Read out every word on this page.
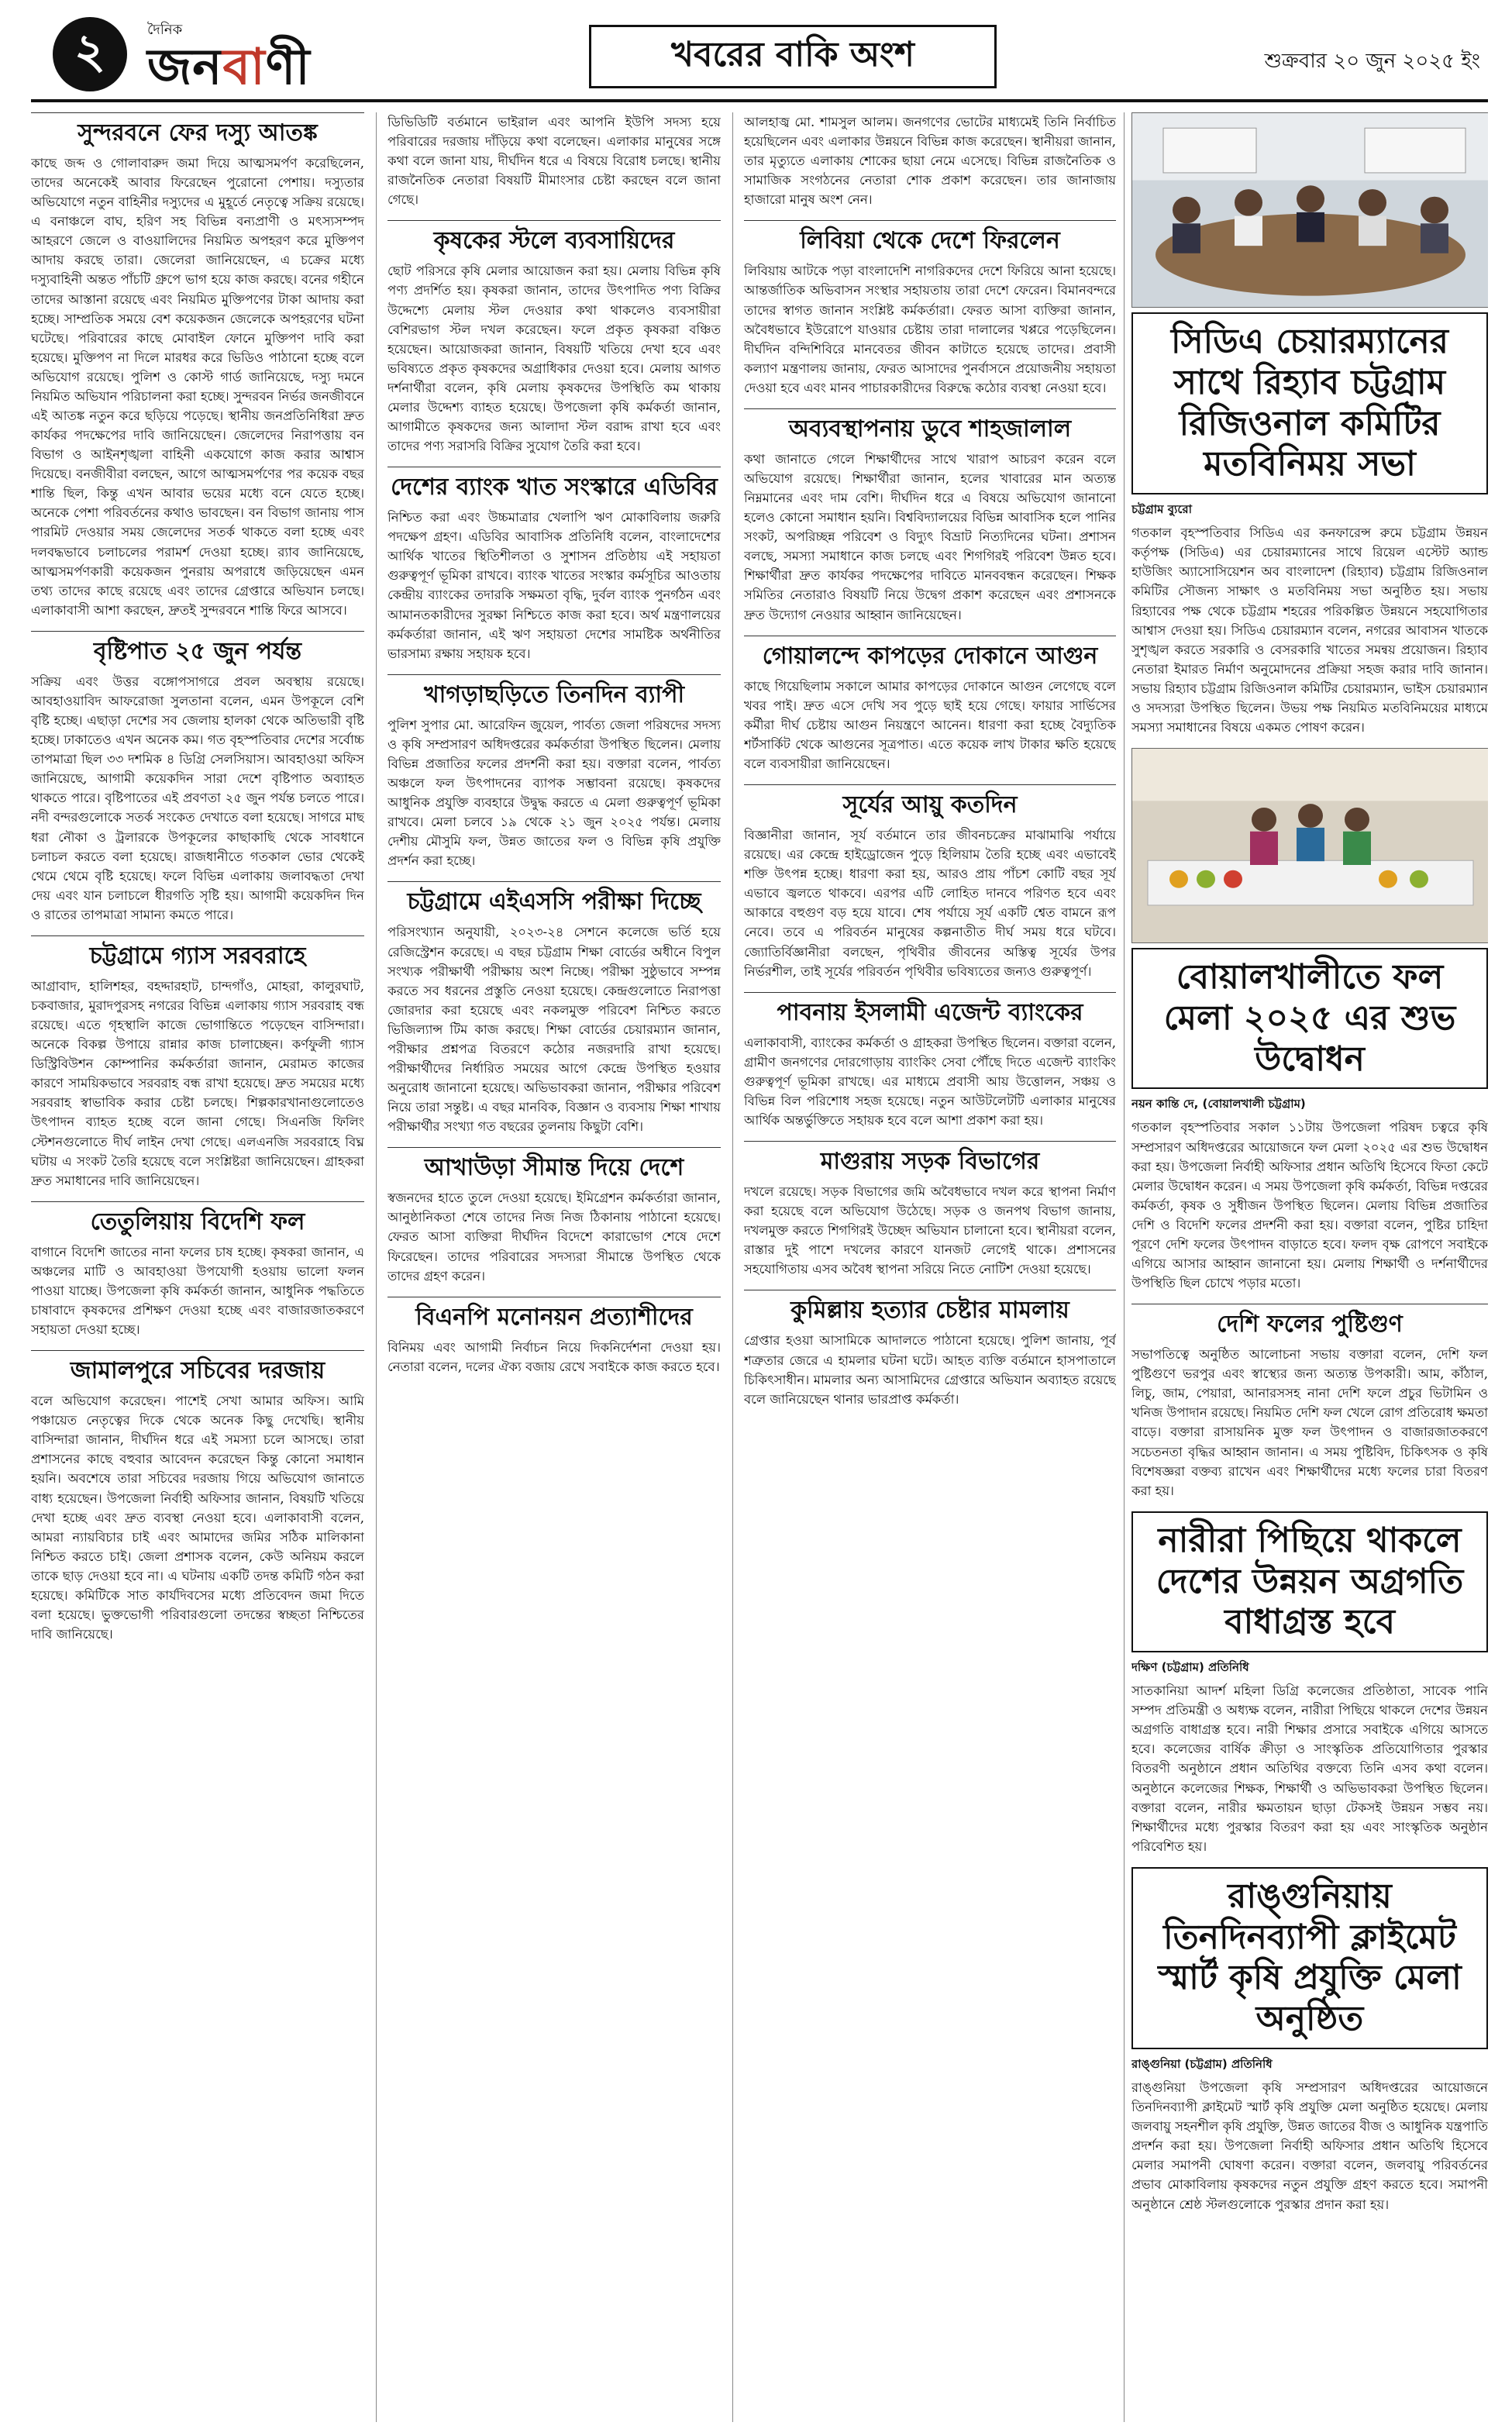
২	দৈনিক
জনবাণী	খবরের বাকি অংশ	শুক্রবার ২০ জুন ২০২৫ ইং
সুন্দরবনে ফের দস্যু আতঙ্ক

কাছে জব্দ ও গোলাবারুদ জমা দিয়ে আত্মসমর্পণ করেছিলেন, তাদের অনেকেই আবার ফিরেছেন পুরোনো পেশায়। দস্যুতার অভিযোগে নতুন বাহিনীর দস্যুদের এ মুহূর্তে নেতৃত্বে সক্রিয় রয়েছে। এ বনাঞ্চলে বাঘ, হরিণ সহ বিভিন্ন বন্যপ্রাণী ও মৎস্যসম্পদ আহরণে জেলে ও বাওয়ালিদের নিয়মিত অপহরণ করে মুক্তিপণ আদায় করছে তারা। জেলেরা জানিয়েছেন, এ চক্রের মধ্যে দস্যুবাহিনী অন্তত পাঁচটি গ্রুপে ভাগ হয়ে কাজ করছে। বনের গহীনে তাদের আস্তানা রয়েছে এবং নিয়মিত মুক্তিপণের টাকা আদায় করা হচ্ছে। সাম্প্রতিক সময়ে বেশ কয়েকজন জেলেকে অপহরণের ঘটনা ঘটেছে। পরিবারের কাছে মোবাইল ফোনে মুক্তিপণ দাবি করা হয়েছে। মুক্তিপণ না দিলে মারধর করে ভিডিও পাঠানো হচ্ছে বলে অভিযোগ রয়েছে। পুলিশ ও কোস্ট গার্ড জানিয়েছে, দস্যু দমনে নিয়মিত অভিযান পরিচালনা করা হচ্ছে। সুন্দরবন নির্ভর জনজীবনে এই আতঙ্ক নতুন করে ছড়িয়ে পড়েছে। স্থানীয় জনপ্রতিনিধিরা দ্রুত কার্যকর পদক্ষেপের দাবি জানিয়েছেন। জেলেদের নিরাপত্তায় বন বিভাগ ও আইনশৃঙ্খলা বাহিনী একযোগে কাজ করার আশ্বাস দিয়েছে। বনজীবীরা বলছেন, আগে আত্মসমর্পণের পর কয়েক বছর শান্তি ছিল, কিন্তু এখন আবার ভয়ের মধ্যে বনে যেতে হচ্ছে। অনেকে পেশা পরিবর্তনের কথাও ভাবছেন। বন বিভাগ জানায় পাস পারমিট দেওয়ার সময় জেলেদের সতর্ক থাকতে বলা হচ্ছে এবং দলবদ্ধভাবে চলাচলের পরামর্শ দেওয়া হচ্ছে। র‌্যাব জানিয়েছে, আত্মসমর্পণকারী কয়েকজন পুনরায় অপরাধে জড়িয়েছেন এমন তথ্য তাদের কাছে রয়েছে এবং তাদের গ্রেপ্তারে অভিযান চলছে। এলাকাবাসী আশা করছেন, দ্রুতই সুন্দরবনে শান্তি ফিরে আসবে।

বৃষ্টিপাত ২৫ জুন পর্যন্ত

সক্রিয় এবং উত্তর বঙ্গোপসাগরে প্রবল অবস্থায় রয়েছে। আবহাওয়াবিদ আফরোজা সুলতানা বলেন, এমন উপকূলে বেশি বৃষ্টি হচ্ছে। এছাড়া দেশের সব জেলায় হালকা থেকে অতিভারী বৃষ্টি হচ্ছে। ঢাকাতেও এখন অনেক কম। গত বৃহস্পতিবার দেশের সর্বোচ্চ তাপমাত্রা ছিল ৩৩ দশমিক ৪ ডিগ্রি সেলসিয়াস। আবহাওয়া অফিস জানিয়েছে, আগামী কয়েকদিন সারা দেশে বৃষ্টিপাত অব্যাহত থাকতে পারে। বৃষ্টিপাতের এই প্রবণতা ২৫ জুন পর্যন্ত চলতে পারে। নদী বন্দরগুলোকে সতর্ক সংকেত দেখাতে বলা হয়েছে। সাগরে মাছ ধরা নৌকা ও ট্রলারকে উপকূলের কাছাকাছি থেকে সাবধানে চলাচল করতে বলা হয়েছে। রাজধানীতে গতকাল ভোর থেকেই থেমে থেমে বৃষ্টি হয়েছে। ফলে বিভিন্ন এলাকায় জলাবদ্ধতা দেখা দেয় এবং যান চলাচলে ধীরগতি সৃষ্টি হয়। আগামী কয়েকদিন দিন ও রাতের তাপমাত্রা সামান্য কমতে পারে।

চট্টগ্রামে গ্যাস সরবরাহে

আগ্রাবাদ, হালিশহর, বহদ্দারহাট, চান্দগাঁও, মোহরা, কালুরঘাট, চকবাজার, মুরাদপুরসহ নগরের বিভিন্ন এলাকায় গ্যাস সরবরাহ বন্ধ রয়েছে। এতে গৃহস্থালি কাজে ভোগান্তিতে পড়েছেন বাসিন্দারা। অনেকে বিকল্প উপায়ে রান্নার কাজ চালাচ্ছেন। কর্ণফুলী গ্যাস ডিস্ট্রিবিউশন কোম্পানির কর্মকর্তারা জানান, মেরামত কাজের কারণে সাময়িকভাবে সরবরাহ বন্ধ রাখা হয়েছে। দ্রুত সময়ের মধ্যে সরবরাহ স্বাভাবিক করার চেষ্টা চলছে। শিল্পকারখানাগুলোতেও উৎপাদন ব্যাহত হচ্ছে বলে জানা গেছে। সিএনজি ফিলিং স্টেশনগুলোতে দীর্ঘ লাইন দেখা গেছে। এলএনজি সরবরাহে বিঘ্ন ঘটায় এ সংকট তৈরি হয়েছে বলে সংশ্লিষ্টরা জানিয়েছেন। গ্রাহকরা দ্রুত সমাধানের দাবি জানিয়েছেন।

তেতুলিয়ায় বিদেশি ফল

বাগানে বিদেশি জাতের নানা ফলের চাষ হচ্ছে। কৃষকরা জানান, এ অঞ্চলের মাটি ও আবহাওয়া উপযোগী হওয়ায় ভালো ফলন পাওয়া যাচ্ছে। উপজেলা কৃষি কর্মকর্তা জানান, আধুনিক পদ্ধতিতে চাষাবাদে কৃষকদের প্রশিক্ষণ দেওয়া হচ্ছে এবং বাজারজাতকরণে সহায়তা দেওয়া হচ্ছে।

জামালপুরে সচিবের দরজায়

বলে অভিযোগ করেছেন। পাশেই সেখা আমার অফিস। আমি পঞ্চায়েত নেতৃত্বের দিকে থেকে অনেক কিছু দেখেছি। স্থানীয় বাসিন্দারা জানান, দীর্ঘদিন ধরে এই সমস্যা চলে আসছে। তারা প্রশাসনের কাছে বহুবার আবেদন করেছেন কিন্তু কোনো সমাধান হয়নি। অবশেষে তারা সচিবের দরজায় গিয়ে অভিযোগ জানাতে বাধ্য হয়েছেন। উপজেলা নির্বাহী অফিসার জানান, বিষয়টি খতিয়ে দেখা হচ্ছে এবং দ্রুত ব্যবস্থা নেওয়া হবে। এলাকাবাসী বলেন, আমরা ন্যায়বিচার চাই এবং আমাদের জমির সঠিক মালিকানা নিশ্চিত করতে চাই। জেলা প্রশাসক বলেন, কেউ অনিয়ম করলে তাকে ছাড় দেওয়া হবে না। এ ঘটনায় একটি তদন্ত কমিটি গঠন করা হয়েছে। কমিটিকে সাত কার্যদিবসের মধ্যে প্রতিবেদন জমা দিতে বলা হয়েছে। ভুক্তভোগী পরিবারগুলো তদন্তের স্বচ্ছতা নিশ্চিতের দাবি জানিয়েছে।

ডিভিডিটি বর্তমানে ভাইরাল এবং আপনি ইউপি সদস্য হয়ে পরিবারের দরজায় দাঁড়িয়ে কথা বলেছেন। এলাকার মানুষের সঙ্গে কথা বলে জানা যায়, দীর্ঘদিন ধরে এ বিষয়ে বিরোধ চলছে। স্থানীয় রাজনৈতিক নেতারা বিষয়টি মীমাংসার চেষ্টা করছেন বলে জানা গেছে।

কৃষকের স্টলে ব্যবসায়িদের

ছোট পরিসরে কৃষি মেলার আয়োজন করা হয়। মেলায় বিভিন্ন কৃষি পণ্য প্রদর্শিত হয়। কৃষকরা জানান, তাদের উৎপাদিত পণ্য বিক্রির উদ্দেশ্যে মেলায় স্টল দেওয়ার কথা থাকলেও ব্যবসায়ীরা বেশিরভাগ স্টল দখল করেছেন। ফলে প্রকৃত কৃষকরা বঞ্চিত হয়েছেন। আয়োজকরা জানান, বিষয়টি খতিয়ে দেখা হবে এবং ভবিষ্যতে প্রকৃত কৃষকদের অগ্রাধিকার দেওয়া হবে। মেলায় আগত দর্শনার্থীরা বলেন, কৃষি মেলায় কৃষকদের উপস্থিতি কম থাকায় মেলার উদ্দেশ্য ব্যাহত হয়েছে। উপজেলা কৃষি কর্মকর্তা জানান, আগামীতে কৃষকদের জন্য আলাদা স্টল বরাদ্দ রাখা হবে এবং তাদের পণ্য সরাসরি বিক্রির সুযোগ তৈরি করা হবে।

দেশের ব্যাংক খাত সংস্কারে এডিবির

নিশ্চিত করা এবং উচ্চমাত্রার খেলাপি ঋণ মোকাবিলায় জরুরি পদক্ষেপ গ্রহণ। এডিবির আবাসিক প্রতিনিধি বলেন, বাংলাদেশের আর্থিক খাতের স্থিতিশীলতা ও সুশাসন প্রতিষ্ঠায় এই সহায়তা গুরুত্বপূর্ণ ভূমিকা রাখবে। ব্যাংক খাতের সংস্কার কর্মসূচির আওতায় কেন্দ্রীয় ব্যাংকের তদারকি সক্ষমতা বৃদ্ধি, দুর্বল ব্যাংক পুনর্গঠন এবং আমানতকারীদের সুরক্ষা নিশ্চিতে কাজ করা হবে। অর্থ মন্ত্রণালয়ের কর্মকর্তারা জানান, এই ঋণ সহায়তা দেশের সামষ্টিক অর্থনীতির ভারসাম্য রক্ষায় সহায়ক হবে।

খাগড়াছড়িতে তিনদিন ব্যাপী

পুলিশ সুপার মো. আরেফিন জুয়েল, পার্বত্য জেলা পরিষদের সদস্য ও কৃষি সম্প্রসারণ অধিদপ্তরের কর্মকর্তারা উপস্থিত ছিলেন। মেলায় বিভিন্ন প্রজাতির ফলের প্রদর্শনী করা হয়। বক্তারা বলেন, পার্বত্য অঞ্চলে ফল উৎপাদনের ব্যাপক সম্ভাবনা রয়েছে। কৃষকদের আধুনিক প্রযুক্তি ব্যবহারে উদ্বুদ্ধ করতে এ মেলা গুরুত্বপূর্ণ ভূমিকা রাখবে। মেলা চলবে ১৯ থেকে ২১ জুন ২০২৫ পর্যন্ত। মেলায় দেশীয় মৌসুমি ফল, উন্নত জাতের ফল ও বিভিন্ন কৃষি প্রযুক্তি প্রদর্শন করা হচ্ছে।

চট্টগ্রামে এইএসসি পরীক্ষা দিচ্ছে

পরিসংখ্যান অনুযায়ী, ২০২৩-২৪ সেশনে কলেজে ভর্তি হয়ে রেজিস্ট্রেশন করেছে। এ বছর চট্টগ্রাম শিক্ষা বোর্ডের অধীনে বিপুল সংখ্যক পরীক্ষার্থী পরীক্ষায় অংশ নিচ্ছে। পরীক্ষা সুষ্ঠুভাবে সম্পন্ন করতে সব ধরনের প্রস্তুতি নেওয়া হয়েছে। কেন্দ্রগুলোতে নিরাপত্তা জোরদার করা হয়েছে এবং নকলমুক্ত পরিবেশ নিশ্চিত করতে ভিজিল্যান্স টিম কাজ করছে। শিক্ষা বোর্ডের চেয়ারম্যান জানান, পরীক্ষার প্রশ্নপত্র বিতরণে কঠোর নজরদারি রাখা হয়েছে। পরীক্ষার্থীদের নির্ধারিত সময়ের আগে কেন্দ্রে উপস্থিত হওয়ার অনুরোধ জানানো হয়েছে। অভিভাবকরা জানান, পরীক্ষার পরিবেশ নিয়ে তারা সন্তুষ্ট। এ বছর মানবিক, বিজ্ঞান ও ব্যবসায় শিক্ষা শাখায় পরীক্ষার্থীর সংখ্যা গত বছরের তুলনায় কিছুটা বেশি।

আখাউড়া সীমান্ত দিয়ে দেশে

স্বজনদের হাতে তুলে দেওয়া হয়েছে। ইমিগ্রেশন কর্মকর্তারা জানান, আনুষ্ঠানিকতা শেষে তাদের নিজ নিজ ঠিকানায় পাঠানো হয়েছে। ফেরত আসা ব্যক্তিরা দীর্ঘদিন বিদেশে কারাভোগ শেষে দেশে ফিরেছেন। তাদের পরিবারের সদস্যরা সীমান্তে উপস্থিত থেকে তাদের গ্রহণ করেন।

বিএনপি মনোনয়ন প্রত্যাশীদের

বিনিময় এবং আগামী নির্বাচন নিয়ে দিকনির্দেশনা দেওয়া হয়। নেতারা বলেন, দলের ঐক্য বজায় রেখে সবাইকে কাজ করতে হবে।

আলহাজ্ব মো. শামসুল আলম। জনগণের ভোটের মাধ্যমেই তিনি নির্বাচিত হয়েছিলেন এবং এলাকার উন্নয়নে বিভিন্ন কাজ করেছেন। স্থানীয়রা জানান, তার মৃত্যুতে এলাকায় শোকের ছায়া নেমে এসেছে। বিভিন্ন রাজনৈতিক ও সামাজিক সংগঠনের নেতারা শোক প্রকাশ করেছেন। তার জানাজায় হাজারো মানুষ অংশ নেন।

লিবিয়া থেকে দেশে ফিরলেন

লিবিয়ায় আটকে পড়া বাংলাদেশি নাগরিকদের দেশে ফিরিয়ে আনা হয়েছে। আন্তর্জাতিক অভিবাসন সংস্থার সহায়তায় তারা দেশে ফেরেন। বিমানবন্দরে তাদের স্বাগত জানান সংশ্লিষ্ট কর্মকর্তারা। ফেরত আসা ব্যক্তিরা জানান, অবৈধভাবে ইউরোপে যাওয়ার চেষ্টায় তারা দালালের খপ্পরে পড়েছিলেন। দীর্ঘদিন বন্দিশিবিরে মানবেতর জীবন কাটাতে হয়েছে তাদের। প্রবাসী কল্যাণ মন্ত্রণালয় জানায়, ফেরত আসাদের পুনর্বাসনে প্রয়োজনীয় সহায়তা দেওয়া হবে এবং মানব পাচারকারীদের বিরুদ্ধে কঠোর ব্যবস্থা নেওয়া হবে।

অব্যবস্থাপনায় ডুবে শাহজালাল

কথা জানাতে গেলে শিক্ষার্থীদের সাথে খারাপ আচরণ করেন বলে অভিযোগ রয়েছে। শিক্ষার্থীরা জানান, হলের খাবারের মান অত্যন্ত নিম্নমানের এবং দাম বেশি। দীর্ঘদিন ধরে এ বিষয়ে অভিযোগ জানানো হলেও কোনো সমাধান হয়নি। বিশ্ববিদ্যালয়ের বিভিন্ন আবাসিক হলে পানির সংকট, অপরিচ্ছন্ন পরিবেশ ও বিদ্যুৎ বিভ্রাট নিত্যদিনের ঘটনা। প্রশাসন বলছে, সমস্যা সমাধানে কাজ চলছে এবং শিগগিরই পরিবেশ উন্নত হবে। শিক্ষার্থীরা দ্রুত কার্যকর পদক্ষেপের দাবিতে মানববন্ধন করেছেন। শিক্ষক সমিতির নেতারাও বিষয়টি নিয়ে উদ্বেগ প্রকাশ করেছেন এবং প্রশাসনকে দ্রুত উদ্যোগ নেওয়ার আহ্বান জানিয়েছেন।

গোয়ালন্দে কাপড়ের দোকানে আগুন

কাছে গিয়েছিলাম সকালে আমার কাপড়ের দোকানে আগুন লেগেছে বলে খবর পাই। দ্রুত এসে দেখি সব পুড়ে ছাই হয়ে গেছে। ফায়ার সার্ভিসের কর্মীরা দীর্ঘ চেষ্টায় আগুন নিয়ন্ত্রণে আনেন। ধারণা করা হচ্ছে বৈদ্যুতিক শর্টসার্কিট থেকে আগুনের সূত্রপাত। এতে কয়েক লাখ টাকার ক্ষতি হয়েছে বলে ব্যবসায়ীরা জানিয়েছেন।

সূর্যের আয়ু কতদিন

বিজ্ঞানীরা জানান, সূর্য বর্তমানে তার জীবনচক্রের মাঝামাঝি পর্যায়ে রয়েছে। এর কেন্দ্রে হাইড্রোজেন পুড়ে হিলিয়াম তৈরি হচ্ছে এবং এভাবেই শক্তি উৎপন্ন হচ্ছে। ধারণা করা হয়, আরও প্রায় পাঁচশ কোটি বছর সূর্য এভাবে জ্বলতে থাকবে। এরপর এটি লোহিত দানবে পরিণত হবে এবং আকারে বহুগুণ বড় হয়ে যাবে। শেষ পর্যায়ে সূর্য একটি শ্বেত বামনে রূপ নেবে। তবে এ পরিবর্তন মানুষের কল্পনাতীত দীর্ঘ সময় ধরে ঘটবে। জ্যোতির্বিজ্ঞানীরা বলছেন, পৃথিবীর জীবনের অস্তিত্ব সূর্যের উপর নির্ভরশীল, তাই সূর্যের পরিবর্তন পৃথিবীর ভবিষ্যতের জন্যও গুরুত্বপূর্ণ।

পাবনায় ইসলামী এজেন্ট ব্যাংকের

এলাকাবাসী, ব্যাংকের কর্মকর্তা ও গ্রাহকরা উপস্থিত ছিলেন। বক্তারা বলেন, গ্রামীণ জনগণের দোরগোড়ায় ব্যাংকিং সেবা পৌঁছে দিতে এজেন্ট ব্যাংকিং গুরুত্বপূর্ণ ভূমিকা রাখছে। এর মাধ্যমে প্রবাসী আয় উত্তোলন, সঞ্চয় ও বিভিন্ন বিল পরিশোধ সহজ হয়েছে। নতুন আউটলেটটি এলাকার মানুষের আর্থিক অন্তর্ভুক্তিতে সহায়ক হবে বলে আশা প্রকাশ করা হয়।

মাগুরায় সড়ক বিভাগের

দখলে রয়েছে। সড়ক বিভাগের জমি অবৈধভাবে দখল করে স্থাপনা নির্মাণ করা হয়েছে বলে অভিযোগ উঠেছে। সড়ক ও জনপথ বিভাগ জানায়, দখলমুক্ত করতে শিগগিরই উচ্ছেদ অভিযান চালানো হবে। স্থানীয়রা বলেন, রাস্তার দুই পাশে দখলের কারণে যানজট লেগেই থাকে। প্রশাসনের সহযোগিতায় এসব অবৈধ স্থাপনা সরিয়ে নিতে নোটিশ দেওয়া হয়েছে।

কুমিল্লায় হত্যার চেষ্টার মামলায়

গ্রেপ্তার হওয়া আসামিকে আদালতে পাঠানো হয়েছে। পুলিশ জানায়, পূর্ব শত্রুতার জেরে এ হামলার ঘটনা ঘটে। আহত ব্যক্তি বর্তমানে হাসপাতালে চিকিৎসাধীন। মামলার অন্য আসামিদের গ্রেপ্তারে অভিযান অব্যাহত রয়েছে বলে জানিয়েছেন থানার ভারপ্রাপ্ত কর্মকর্তা।

সিডিএ চেয়ারম্যানের সাথে রিহ্যাব চট্টগ্রাম রিজিওনাল কমিটির মতবিনিময় সভা
চট্টগ্রাম ব্যুরো

গতকাল বৃহস্পতিবার সিডিএ এর কনফারেন্স রুমে চট্টগ্রাম উন্নয়ন কর্তৃপক্ষ (সিডিএ) এর চেয়ারম্যানের সাথে রিয়েল এস্টেট অ্যান্ড হাউজিং অ্যাসোসিয়েশন অব বাংলাদেশ (রিহ্যাব) চট্টগ্রাম রিজিওনাল কমিটির সৌজন্য সাক্ষাৎ ও মতবিনিময় সভা অনুষ্ঠিত হয়। সভায় রিহ্যাবের পক্ষ থেকে চট্টগ্রাম শহরের পরিকল্পিত উন্নয়নে সহযোগিতার আশ্বাস দেওয়া হয়। সিডিএ চেয়ারম্যান বলেন, নগরের আবাসন খাতকে সুশৃঙ্খল করতে সরকারি ও বেসরকারি খাতের সমন্বয় প্রয়োজন। রিহ্যাব নেতারা ইমারত নির্মাণ অনুমোদনের প্রক্রিয়া সহজ করার দাবি জানান। সভায় রিহ্যাব চট্টগ্রাম রিজিওনাল কমিটির চেয়ারম্যান, ভাইস চেয়ারম্যান ও সদস্যরা উপস্থিত ছিলেন। উভয় পক্ষ নিয়মিত মতবিনিময়ের মাধ্যমে সমস্যা সমাধানের বিষয়ে একমত পোষণ করেন।

বোয়ালখালীতে ফল মেলা ২০২৫ এর শুভ উদ্বোধন
নয়ন কান্তি দে, (বোয়ালখালী চট্টগ্রাম)

গতকাল বৃহস্পতিবার সকাল ১১টায় উপজেলা পরিষদ চত্বরে কৃষি সম্প্রসারণ অধিদপ্তরের আয়োজনে ফল মেলা ২০২৫ এর শুভ উদ্বোধন করা হয়। উপজেলা নির্বাহী অফিসার প্রধান অতিথি হিসেবে ফিতা কেটে মেলার উদ্বোধন করেন। এ সময় উপজেলা কৃষি কর্মকর্তা, বিভিন্ন দপ্তরের কর্মকর্তা, কৃষক ও সুধীজন উপস্থিত ছিলেন। মেলায় বিভিন্ন প্রজাতির দেশি ও বিদেশি ফলের প্রদর্শনী করা হয়। বক্তারা বলেন, পুষ্টির চাহিদা পূরণে দেশি ফলের উৎপাদন বাড়াতে হবে। ফলদ বৃক্ষ রোপণে সবাইকে এগিয়ে আসার আহ্বান জানানো হয়। মেলায় শিক্ষার্থী ও দর্শনার্থীদের উপস্থিতি ছিল চোখে পড়ার মতো।

দেশি ফলের পুষ্টিগুণ

সভাপতিত্বে অনুষ্ঠিত আলোচনা সভায় বক্তারা বলেন, দেশি ফল পুষ্টিগুণে ভরপুর এবং স্বাস্থ্যের জন্য অত্যন্ত উপকারী। আম, কাঁঠাল, লিচু, জাম, পেয়ারা, আনারসসহ নানা দেশি ফলে প্রচুর ভিটামিন ও খনিজ উপাদান রয়েছে। নিয়মিত দেশি ফল খেলে রোগ প্রতিরোধ ক্ষমতা বাড়ে। বক্তারা রাসায়নিক মুক্ত ফল উৎপাদন ও বাজারজাতকরণে সচেতনতা বৃদ্ধির আহ্বান জানান। এ সময় পুষ্টিবিদ, চিকিৎসক ও কৃষি বিশেষজ্ঞরা বক্তব্য রাখেন এবং শিক্ষার্থীদের মধ্যে ফলের চারা বিতরণ করা হয়।

নারীরা পিছিয়ে থাকলে দেশের উন্নয়ন অগ্রগতি বাধাগ্রস্ত হবে
দক্ষিণ (চট্টগ্রাম) প্রতিনিধি

সাতকানিয়া আদর্শ মহিলা ডিগ্রি কলেজের প্রতিষ্ঠাতা, সাবেক পানি সম্পদ প্রতিমন্ত্রী ও অধ্যক্ষ বলেন, নারীরা পিছিয়ে থাকলে দেশের উন্নয়ন অগ্রগতি বাধাগ্রস্ত হবে। নারী শিক্ষার প্রসারে সবাইকে এগিয়ে আসতে হবে। কলেজের বার্ষিক ক্রীড়া ও সাংস্কৃতিক প্রতিযোগিতার পুরস্কার বিতরণী অনুষ্ঠানে প্রধান অতিথির বক্তব্যে তিনি এসব কথা বলেন। অনুষ্ঠানে কলেজের শিক্ষক, শিক্ষার্থী ও অভিভাবকরা উপস্থিত ছিলেন। বক্তারা বলেন, নারীর ক্ষমতায়ন ছাড়া টেকসই উন্নয়ন সম্ভব নয়। শিক্ষার্থীদের মধ্যে পুরস্কার বিতরণ করা হয় এবং সাংস্কৃতিক অনুষ্ঠান পরিবেশিত হয়।

রাঙ্গুনিয়ায় তিনদিনব্যাপী ক্লাইমেট স্মার্ট কৃষি প্রযুক্তি মেলা অনুষ্ঠিত
রাঙ্গুনিয়া (চট্টগ্রাম) প্রতিনিধি

রাঙ্গুনিয়া উপজেলা কৃষি সম্প্রসারণ অধিদপ্তরের আয়োজনে তিনদিনব্যাপী ক্লাইমেট স্মার্ট কৃষি প্রযুক্তি মেলা অনুষ্ঠিত হয়েছে। মেলায় জলবায়ু সহনশীল কৃষি প্রযুক্তি, উন্নত জাতের বীজ ও আধুনিক যন্ত্রপাতি প্রদর্শন করা হয়। উপজেলা নির্বাহী অফিসার প্রধান অতিথি হিসেবে মেলার সমাপনী ঘোষণা করেন। বক্তারা বলেন, জলবায়ু পরিবর্তনের প্রভাব মোকাবিলায় কৃষকদের নতুন প্রযুক্তি গ্রহণ করতে হবে। সমাপনী অনুষ্ঠানে শ্রেষ্ঠ স্টলগুলোকে পুরস্কার প্রদান করা হয়।
